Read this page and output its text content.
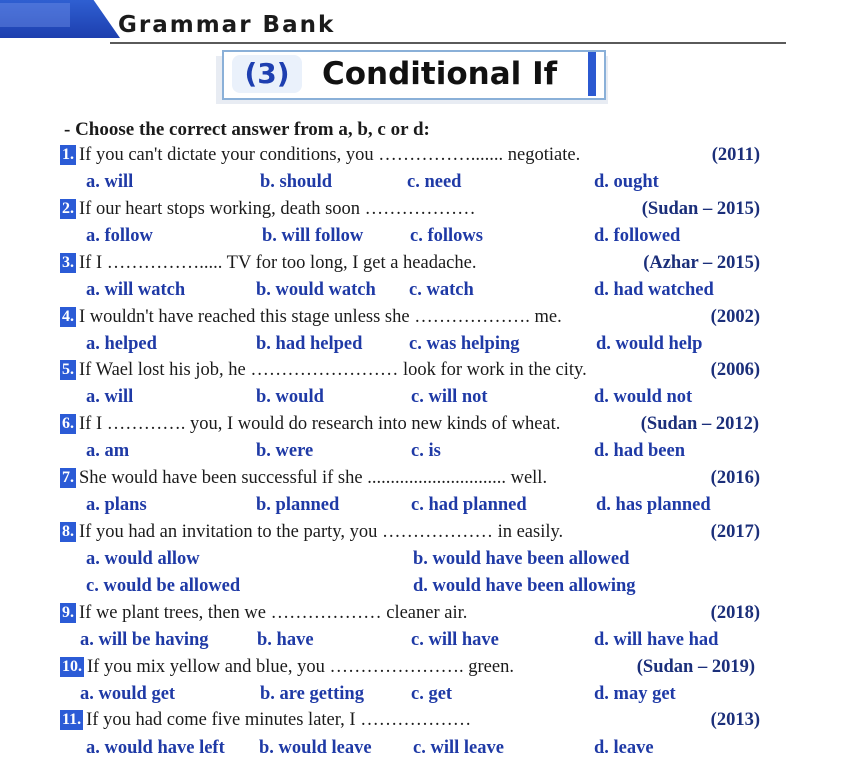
Grammar Bank
(3)	Conditional If
- Choose the correct answer from a, b, c or d:
1. If you can't dictate your conditions, you ……………....... negotiate.	(2011)
a. will	b. should	c. need	d. ought
2. If our heart stops working, death soon ………………	(Sudan – 2015)
a. follow	b. will follow	c. follows	d. followed
3. If I ……………..... TV for too long, I get a headache.	(Azhar – 2015)
a. will watch	b. would watch c. watch	d. had watched
4. I wouldn't have reached this stage unless she ………………. me.	(2002)
a. helped	b. had helped	c. was helping	d. would help
5. If Wael lost his job, he …………………… look for work in the city.	(2006)
a. will	b. would	c. will not	d. would not
6. If I …………. you, I would do research into new kinds of wheat.	(Sudan – 2012)
a. am	b. were	c. is	d. had been
7. She would have been successful if she .............................. well.	(2016)
a. plans	b. planned	c. had planned	d. has planned
8. If you had an invitation to the party, you ……………… in easily.	(2017)
a. would allow	b. would have been allowed
c. would be allowed	d. would have been allowing
9. If we plant trees, then we ……………… cleaner air.	(2018)
a. will be having	b. have	c. will have	d. will have had
10. If you mix yellow and blue, you …………………. green.	(Sudan – 2019)
a. would get	b. are getting	c. get	d. may get
11. If you had come five minutes later, I ………………	(2013)
a. would have left b. would leave c. will leave	d. leave
